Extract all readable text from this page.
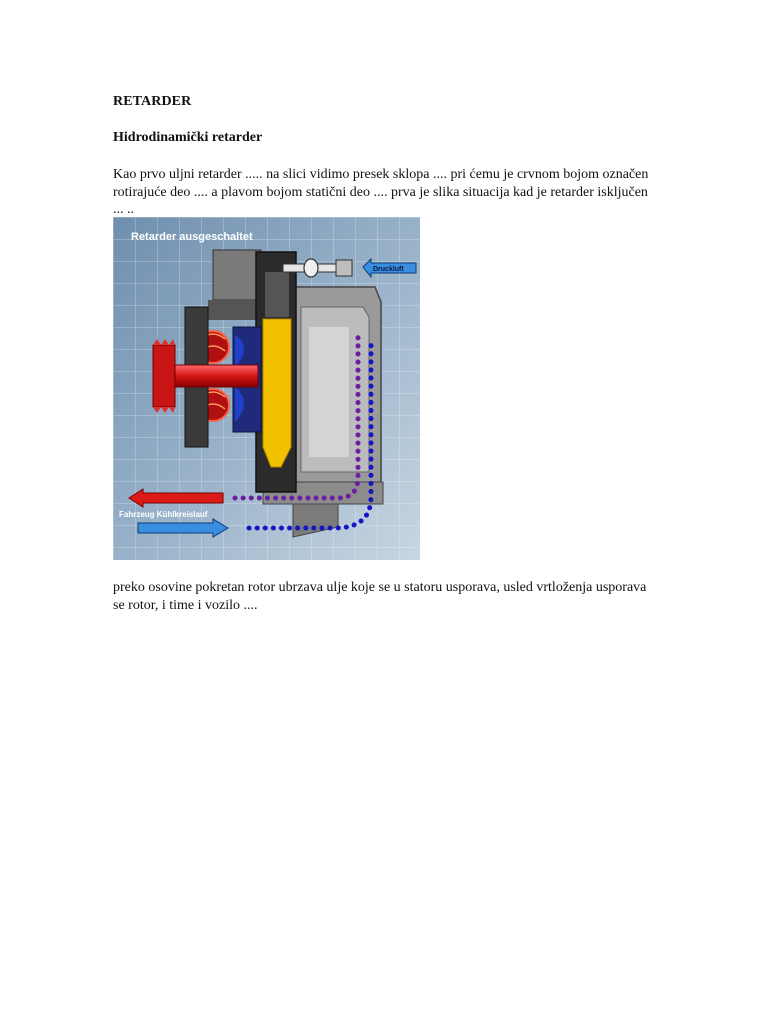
RETARDER
Hidrodinamički retarder
Kao prvo uljni retarder ..... na slici vidimo presek sklopa .... pri ćemu je crvnom bojom označen rotirajuće deo .... a plavom bojom statični deo .... prva je slika situacija kad je retarder isključen ... ..
Retarder ausgeschaltet
Druckluft
Fahrzeug Kühlkreislauf
preko osovine pokretan rotor ubrzava ulje koje se u statoru usporava, usled vrtloženja usporava se rotor, i time i vozilo ....
